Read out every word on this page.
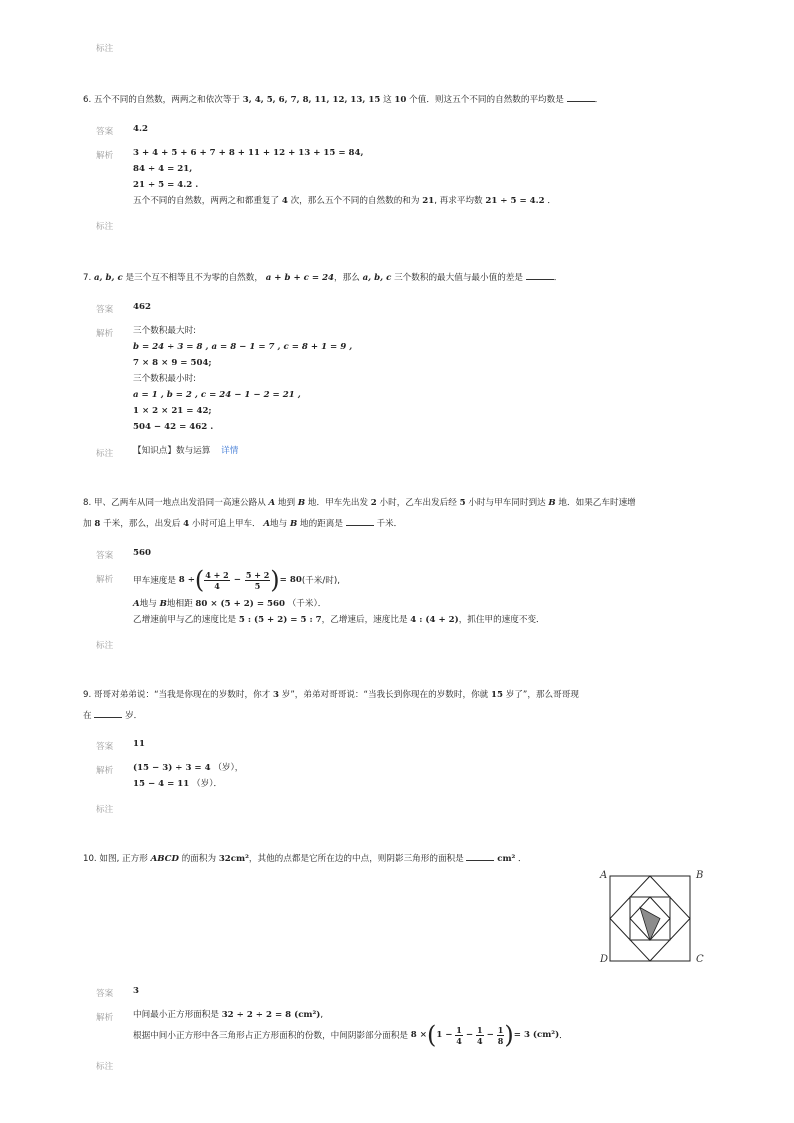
标注
6. 五个不同的自然数，两两之和依次等于 3, 4, 5, 6, 7, 8, 11, 12, 13, 15 这 10 个值．则这五个不同的自然数的平均数是	．
答案 4.2
解析 3 + 4 + 5 + 6 + 7 + 8 + 11 + 12 + 13 + 15 = 84,
84 ÷ 4 = 21,
21 ÷ 5 = 4.2 .
五个不同的自然数，两两之和都重复了 4 次，那么五个不同的自然数的和为 21, 再求平均数 21 ÷ 5 = 4.2 ．
标注
7. a, b, c 是三个互不相等且不为零的自然数， a + b + c = 24，那么 a, b, c 三个数积的最大值与最小值的差是	．
答案 462
解析 三个数积最大时:
b = 24 ÷ 3 = 8 , a = 8 − 1 = 7 , c = 8 + 1 = 9 ,
7 × 8 × 9 = 504;
三个数积最小时:
a = 1 , b = 2 , c = 24 − 1 − 2 = 21 ,
1 × 2 × 21 = 42;
504 − 42 = 462 .
标注 【知识点】数与运算 详情
8. 甲、乙两车从同一地点出发沿同一高速公路从 A 地到 B 地．甲车先出发 2 小时，乙车出发后经 5 小时与甲车同时到达 B 地．如果乙车时速增
加 8 千米，那么，出发后 4 小时可追上甲车． A地与 B 地的距离是	千米．
答案 560
解析 甲车速度是
8 ÷ ( $\frac{4 + 2}{4} - \frac{5 + 2}{5}$ ) = 80 (千米/时),
A地与 B地相距 80 × (5 + 2) = 560 （千米）．
乙增速前甲与乙的速度比是 5 : (5 + 2) = 5 : 7，乙增速后，速度比是 4 : (4 + 2)，抓住甲的速度不变．
标注
9. 哥哥对弟弟说：“当我是你现在的岁数时，你才 3 岁”，弟弟对哥哥说：“当我长到你现在的岁数时，你就 15 岁了”，那么哥哥现
在	岁．
答案 11
解析 (15 − 3) ÷ 3 = 4 （岁），
15 − 4 = 11 （岁）．
标注
10. 如图, 正方形 ABCD 的面积为 32cm²，其他的点都是它所在边的中点，则阴影三角形的面积是	cm² ．
A	B
C
D
答案 3
解析 中间最小正方形面积是 32 ÷ 2 ÷ 2 = 8 (cm²),
根据中间小正方形中各三角形占正方形面积的份数，中间阴影部分面积是
8 × ( 1 −
$\frac{1}{4} - \frac{1}{4} - \frac{1}{8}$ ) = 3 (cm²) ．
标注
